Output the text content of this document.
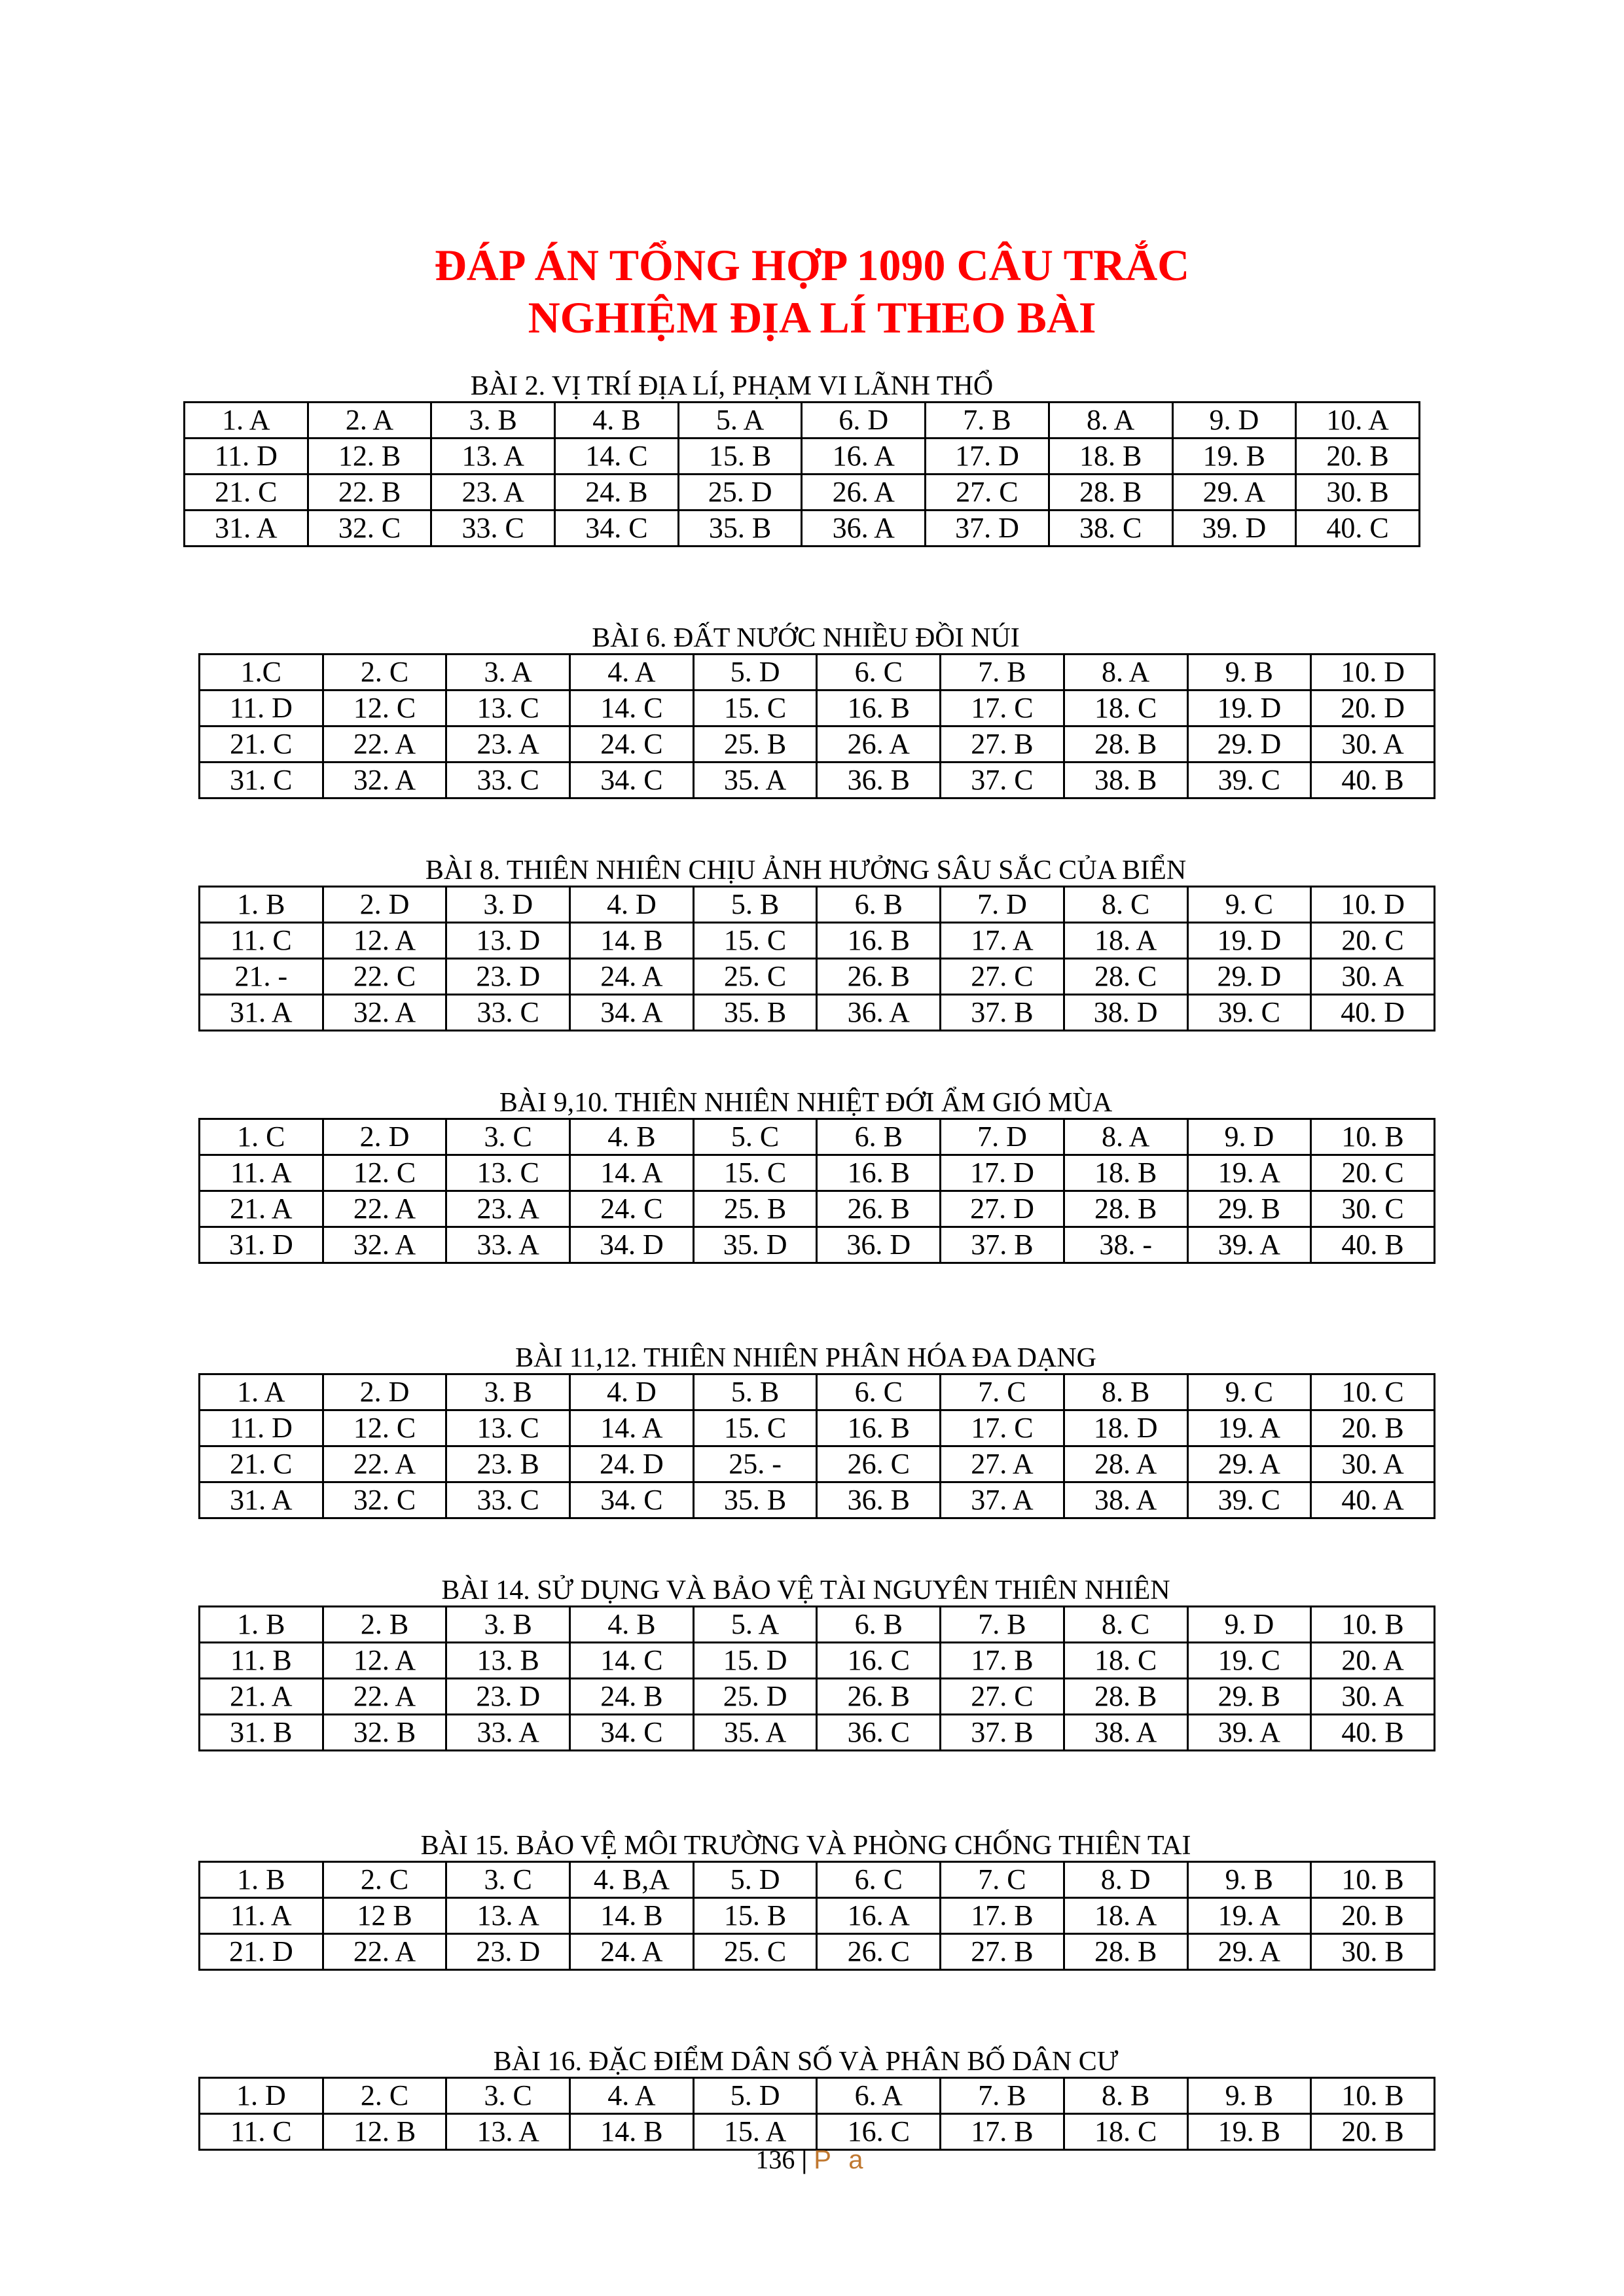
ĐÁP ÁN TỔNG HỢP 1090 CÂU TRẮC
NGHIỆM ĐỊA LÍ THEO BÀI
BÀI 2. VỊ TRÍ ĐỊA LÍ, PHẠM VI LÃNH THỔ
1. A	2. A	3. B	4. B	5. A	6. D	7. B	8. A	9. D	10. A
11. D	12. B	13. A	14. C	15. B	16. A	17. D	18. B	19. B	20. B
21. C	22. B	23. A	24. B	25. D	26. A	27. C	28. B	29. A	30. B
31. A	32. C	33. C	34. C	35. B	36. A	37. D	38. C	39. D	40. C
BÀI 6. ĐẤT NƯỚC NHIỀU ĐỒI NÚI
1.C	2. C	3. A	4. A	5. D	6. C	7. B	8. A	9. B	10. D
11. D	12. C	13. C	14. C	15. C	16. B	17. C	18. C	19. D	20. D
21. C	22. A	23. A	24. C	25. B	26. A	27. B	28. B	29. D	30. A
31. C	32. A	33. C	34. C	35. A	36. B	37. C	38. B	39. C	40. B
BÀI 8. THIÊN NHIÊN CHỊU ẢNH HƯỞNG SÂU SẮC CỦA BIỂN
1. B	2. D	3. D	4. D	5. B	6. B	7. D	8. C	9. C	10. D
11. C	12. A	13. D	14. B	15. C	16. B	17. A	18. A	19. D	20. C
21. -	22. C	23. D	24. A	25. C	26. B	27. C	28. C	29. D	30. A
31. A	32. A	33. C	34. A	35. B	36. A	37. B	38. D	39. C	40. D
BÀI 9,10. THIÊN NHIÊN NHIỆT ĐỚI ẨM GIÓ MÙA
1. C	2. D	3. C	4. B	5. C	6. B	7. D	8. A	9. D	10. B
11. A	12. C	13. C	14. A	15. C	16. B	17. D	18. B	19. A	20. C
21. A	22. A	23. A	24. C	25. B	26. B	27. D	28. B	29. B	30. C
31. D	32. A	33. A	34. D	35. D	36. D	37. B	38. -	39. A	40. B
BÀI 11,12. THIÊN NHIÊN PHÂN HÓA ĐA DẠNG
1. A	2. D	3. B	4. D	5. B	6. C	7. C	8. B	9. C	10. C
11. D	12. C	13. C	14. A	15. C	16. B	17. C	18. D	19. A	20. B
21. C	22. A	23. B	24. D	25. -	26. C	27. A	28. A	29. A	30. A
31. A	32. C	33. C	34. C	35. B	36. B	37. A	38. A	39. C	40. A
BÀI 14. SỬ DỤNG VÀ BẢO VỆ TÀI NGUYÊN THIÊN NHIÊN
1. B	2. B	3. B	4. B	5. A	6. B	7. B	8. C	9. D	10. B
11. B	12. A	13. B	14. C	15. D	16. C	17. B	18. C	19. C	20. A
21. A	22. A	23. D	24. B	25. D	26. B	27. C	28. B	29. B	30. A
31. B	32. B	33. A	34. C	35. A	36. C	37. B	38. A	39. A	40. B
BÀI 15. BẢO VỆ MÔI TRƯỜNG VÀ PHÒNG CHỐNG THIÊN TAI
1. B	2. C	3. C	4. B,A	5. D	6. C	7. C	8. D	9. B	10. B
11. A	12 B	13. A	14. B	15. B	16. A	17. B	18. A	19. A	20. B
21. D	22. A	23. D	24. A	25. C	26. C	27. B	28. B	29. A	30. B
BÀI 16. ĐẶC ĐIỂM DÂN SỐ VÀ PHÂN BỐ DÂN CƯ
1. D	2. C	3. C	4. A	5. D	6. A	7. B	8. B	9. B	10. B
11. C	12. B	13. A	14. B	15. A	16. C	17. B	18. C	19. B	20. B
136 | P a
